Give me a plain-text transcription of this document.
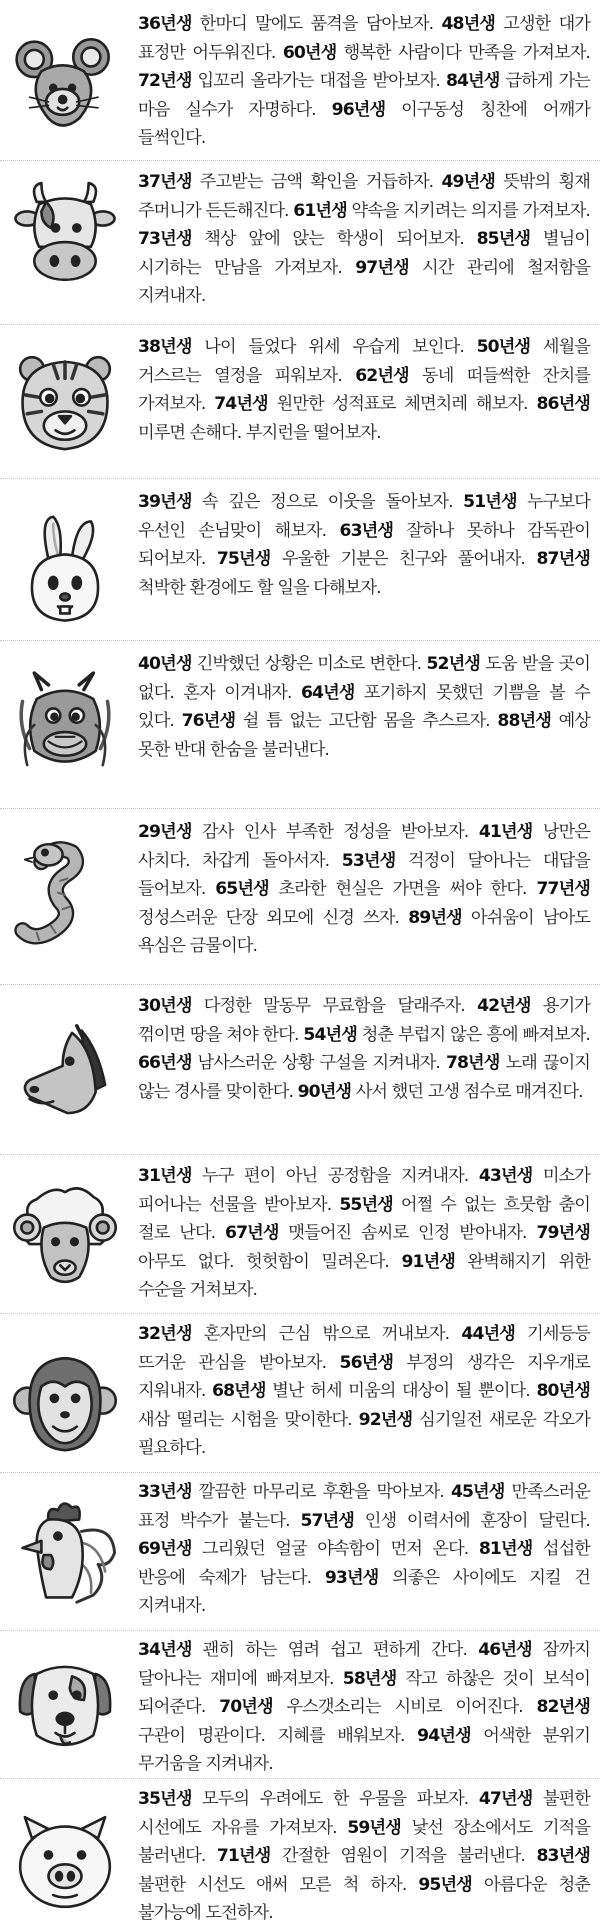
36년생 한마디 말에도 품격을 담아보자. 48년생 고생한 대가 표정만 어두워진다. 60년생 행복한 사람이다 만족을 가져보자. 72년생 입꼬리 올라가는 대접을 받아보자. 84년생 급하게 가는 마음 실수가 자명하다. 96년생 이구동성 칭찬에 어깨가 들썩인다.
37년생 주고받는 금액 확인을 거듭하자. 49년생 뜻밖의 횡재 주머니가 든든해진다. 61년생 약속을 지키려는 의지를 가져보자. 73년생 책상 앞에 앉는 학생이 되어보자. 85년생 별님이 시기하는 만남을 가져보자. 97년생 시간 관리에 철저함을 지켜내자.
38년생 나이 들었다 위세 우습게 보인다. 50년생 세월을 거스르는 열정을 피워보자. 62년생 동네 떠들썩한 잔치를 가져보자. 74년생 원만한 성적표로 체면치레 해보자. 86년생 미루면 손해다. 부지런을 떨어보자.
39년생 속 깊은 정으로 이웃을 돌아보자. 51년생 누구보다 우선인 손님맞이 해보자. 63년생 잘하나 못하나 감독관이 되어보자. 75년생 우울한 기분은 친구와 풀어내자. 87년생 척박한 환경에도 할 일을 다해보자.
40년생 긴박했던 상황은 미소로 변한다. 52년생 도움 받을 곳이 없다. 혼자 이겨내자. 64년생 포기하지 못했던 기쁨을 볼 수 있다. 76년생 쉴 틈 없는 고단함 몸을 추스르자. 88년생 예상 못한 반대 한숨을 불러낸다.
29년생 감사 인사 부족한 정성을 받아보자. 41년생 낭만은 사치다. 차갑게 돌아서자. 53년생 걱정이 달아나는 대답을 들어보자. 65년생 초라한 현실은 가면을 써야 한다. 77년생 정성스러운 단장 외모에 신경 쓰자. 89년생 아쉬움이 남아도 욕심은 금물이다.
30년생 다정한 말동무 무료함을 달래주자. 42년생 용기가 꺾이면 땅을 쳐야 한다. 54년생 청춘 부럽지 않은 흥에 빠져보자. 66년생 남사스러운 상황 구설을 지켜내자. 78년생 노래 끊이지 않는 경사를 맞이한다. 90년생 사서 했던 고생 점수로 매겨진다.
31년생 누구 편이 아닌 공정함을 지켜내자. 43년생 미소가 피어나는 선물을 받아보자. 55년생 어쩔 수 없는 흐뭇함 춤이 절로 난다. 67년생 맷들어진 솜씨로 인정 받아내자. 79년생 아무도 없다. 헛헛함이 밀려온다. 91년생 완벽해지기 위한 수순을 거쳐보자.
32년생 혼자만의 근심 밖으로 꺼내보자. 44년생 기세등등 뜨거운 관심을 받아보자. 56년생 부정의 생각은 지우개로 지워내자. 68년생 별난 허세 미움의 대상이 될 뿐이다. 80년생 새삼 떨리는 시험을 맞이한다. 92년생 심기일전 새로운 각오가 필요하다.
33년생 깔끔한 마무리로 후환을 막아보자. 45년생 만족스러운 표정 박수가 붙는다. 57년생 인생 이력서에 훈장이 달린다. 69년생 그리웠던 얼굴 야속함이 먼저 온다. 81년생 섭섭한 반응에 숙제가 남는다. 93년생 의좋은 사이에도 지킬 건 지켜내자.
34년생 괜히 하는 염려 쉽고 편하게 간다. 46년생 잠까지 달아나는 재미에 빠져보자. 58년생 작고 하찮은 것이 보석이 되어준다. 70년생 우스갯소리는 시비로 이어진다. 82년생 구관이 명관이다. 지혜를 배워보자. 94년생 어색한 분위기 무거움을 지켜내자.
35년생 모두의 우려에도 한 우물을 파보자. 47년생 불편한 시선에도 자유를 가져보자. 59년생 낯선 장소에서도 기적을 불러낸다. 71년생 간절한 염원이 기적을 불러낸다. 83년생 불편한 시선도 애써 모른 척 하자. 95년생 아름다운 청춘 불가능에 도전하자.
